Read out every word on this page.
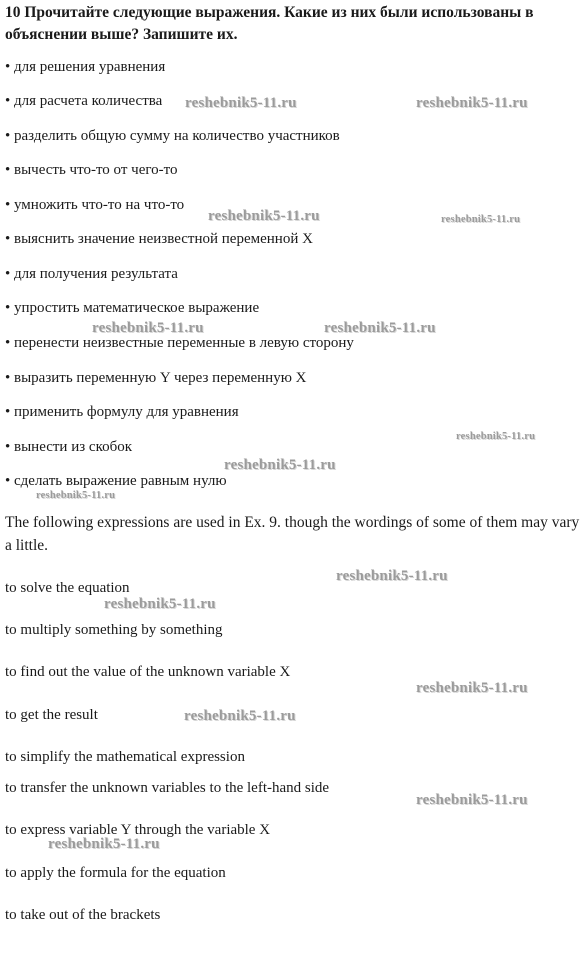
10 Прочитайте следующие выражения. Какие из них были использованы в объяснении выше? Запишите их.
• для решения уравнения
• для расчета количества
• разделить общую сумму на количество участников
• вычесть что-то от чего-то
• умножить что-то на что-то
• выяснить значение неизвестной переменной X
• для получения результата
• упростить математическое выражение
• перенести неизвестные переменные в левую сторону
• выразить переменную Y через переменную X
• применить формулу для уравнения
• вынести из скобок
• сделать выражение равным нулю

The following expressions are used in Ex. 9. though the wordings of some of them may vary a little.

to solve the equation
to multiply something by something
to find out the value of the unknown variable X
to get the result
to simplify the mathematical expression
to transfer the unknown variables to the left-hand side
to express variable Y through the variable X
to apply the formula for the equation
to take out of the brackets
reshebnik5-11.ru	reshebnik5-11.ru
reshebnik5-11.ru	reshebnik5-11.ru
reshebnik5-11.ru	reshebnik5-11.ru
reshebnik5-11.ru
reshebnik5-11.ru
reshebnik5-11.ru
reshebnik5-11.ru
reshebnik5-11.ru
reshebnik5-11.ru
reshebnik5-11.ru
reshebnik5-11.ru
reshebnik5-11.ru
